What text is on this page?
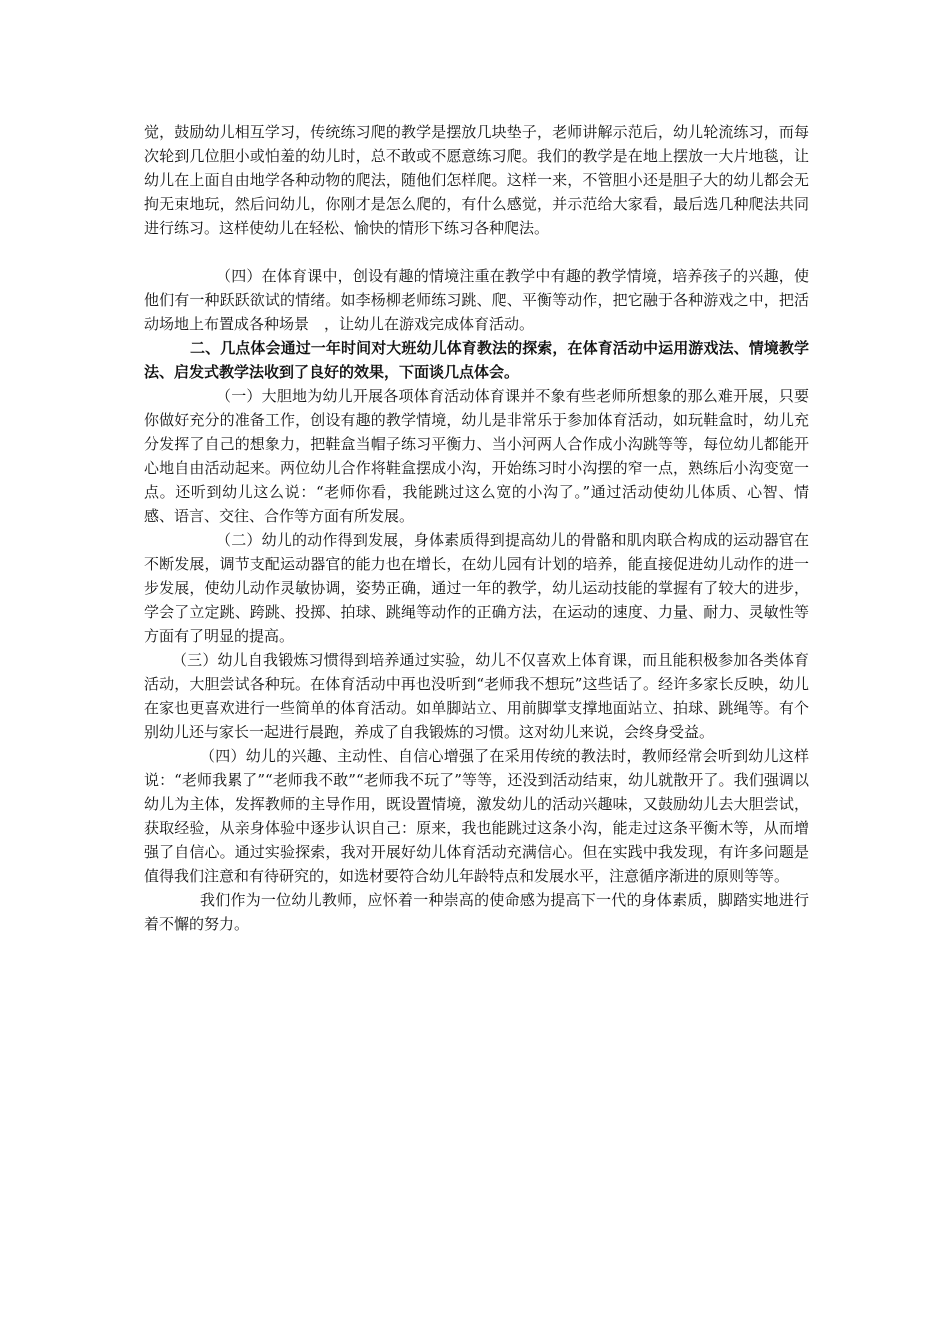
觉，鼓励幼儿相互学习，传统练习爬的教学是摆放几块垫子，老师讲解示范后，幼儿轮流练习，而每次轮到几位胆小或怕羞的幼儿时，总不敢或不愿意练习爬。我们的教学是在地上摆放一大片地毯，让幼儿在上面自由地学各种动物的爬法，随他们怎样爬。这样一来，不管胆小还是胆子大的幼儿都会无拘无束地玩，然后问幼儿，你刚才是怎么爬的，有什么感觉，并示范给大家看，最后选几种爬法共同进行练习。这样使幼儿在轻松、愉快的情形下练习各种爬法。

（四）在体育课中，创设有趣的情境注重在教学中有趣的教学情境，培养孩子的兴趣，使他们有一种跃跃欲试的情绪。如李杨柳老师练习跳、爬、平衡等动作，把它融于各种游戏之中，把活动场地上布置成各种场景　，让幼儿在游戏完成体育活动。

二、几点体会通过一年时间对大班幼儿体育教法的探索，在体育活动中运用游戏法、情境教学法、启发式教学法收到了良好的效果，下面谈几点体会。

（一）大胆地为幼儿开展各项体育活动体育课并不象有些老师所想象的那么难开展，只要你做好充分的准备工作，创设有趣的教学情境，幼儿是非常乐于参加体育活动，如玩鞋盒时，幼儿充分发挥了自己的想象力，把鞋盒当帽子练习平衡力、当小河两人合作成小沟跳等等，每位幼儿都能开心地自由活动起来。两位幼儿合作将鞋盒摆成小沟，开始练习时小沟摆的窄一点，熟练后小沟变宽一点。还听到幼儿这么说：“老师你看，我能跳过这么宽的小沟了。”通过活动使幼儿体质、心智、情感、语言、交往、合作等方面有所发展。

（二）幼儿的动作得到发展，身体素质得到提高幼儿的骨骼和肌肉联合构成的运动器官在不断发展，调节支配运动器官的能力也在增长，在幼儿园有计划的培养，能直接促进幼儿动作的进一步发展，使幼儿动作灵敏协调，姿势正确，通过一年的教学，幼儿运动技能的掌握有了较大的进步，学会了立定跳、跨跳、投掷、拍球、跳绳等动作的正确方法，在运动的速度、力量、耐力、灵敏性等方面有了明显的提高。

（三）幼儿自我锻炼习惯得到培养通过实验，幼儿不仅喜欢上体育课，而且能积极参加各类体育活动，大胆尝试各种玩。在体育活动中再也没听到“老师我不想玩”这些话了。经许多家长反映，幼儿在家也更喜欢进行一些简单的体育活动。如单脚站立、用前脚掌支撑地面站立、拍球、跳绳等。有个别幼儿还与家长一起进行晨跑，养成了自我锻炼的习惯。这对幼儿来说，会终身受益。

（四）幼儿的兴趣、主动性、自信心增强了在采用传统的教法时，教师经常会听到幼儿这样说：“老师我累了”“老师我不敢”“老师我不玩了”等等，还没到活动结束，幼儿就散开了。我们强调以幼儿为主体，发挥教师的主导作用，既设置情境，激发幼儿的活动兴趣味，又鼓励幼儿去大胆尝试，获取经验，从亲身体验中逐步认识自己：原来，我也能跳过这条小沟，能走过这条平衡木等，从而增强了自信心。通过实验探索，我对开展好幼儿体育活动充满信心。但在实践中我发现，有许多问题是值得我们注意和有待研究的，如选材要符合幼儿年龄特点和发展水平，注意循序渐进的原则等等。

我们作为一位幼儿教师，应怀着一种崇高的使命感为提高下一代的身体素质，脚踏实地进行着不懈的努力。
